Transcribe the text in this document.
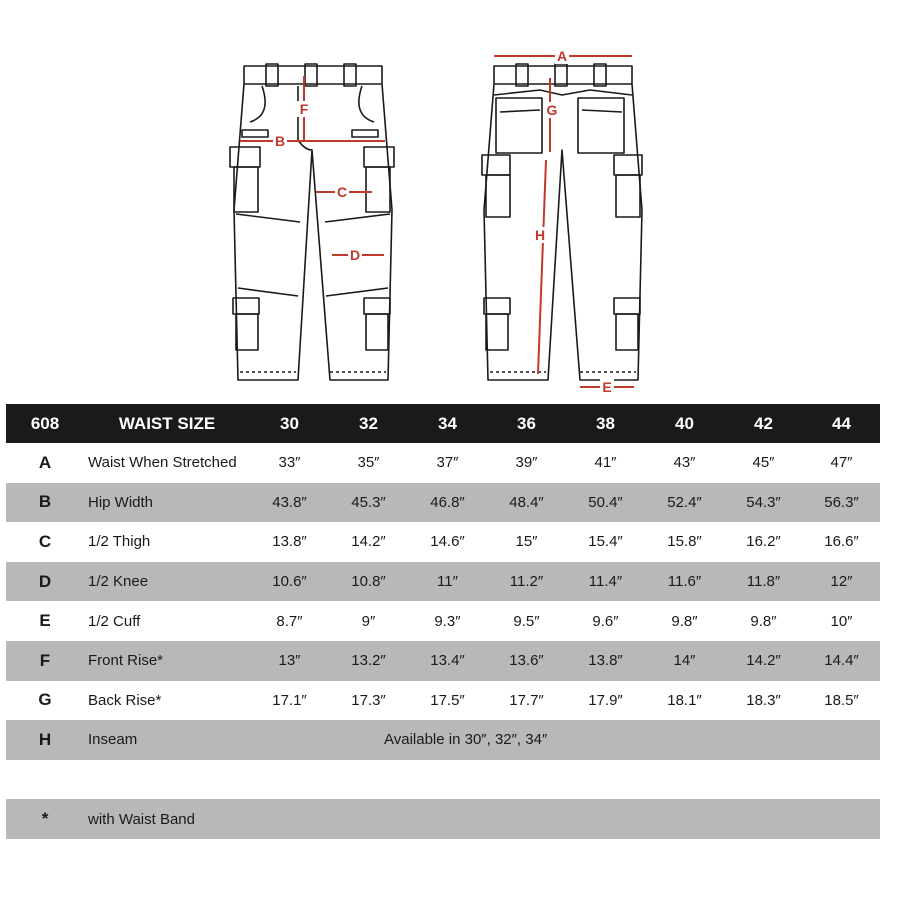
F
B
C
D
A
G
H
E
608	WAIST SIZE	30	32	34	36	38	40	42	44
A	Waist When Stretched	33″	35″	37″	39″	41″	43″	45″	47″
B	Hip Width	43.8″	45.3″	46.8″	48.4″	50.4″	52.4″	54.3″	56.3″
C	1/2 Thigh	13.8″	14.2″	14.6″	15″	15.4″	15.8″	16.2″	16.6″
D	1/2 Knee	10.6″	10.8″	11″	11.2″	11.4″	11.6″	11.8″	12″
E	1/2 Cuff	8.7″	9″	9.3″	9.5″	9.6″	9.8″	9.8″	10″
F	Front Rise*	13″	13.2″	13.4″	13.6″	13.8″	14″	14.2″	14.4″
G	Back Rise*	17.1″	17.3″	17.5″	17.7″	17.9″	18.1″	18.3″	18.5″
H	Inseam	Available in 30″, 32″, 34″							

*	with Waist Band								
